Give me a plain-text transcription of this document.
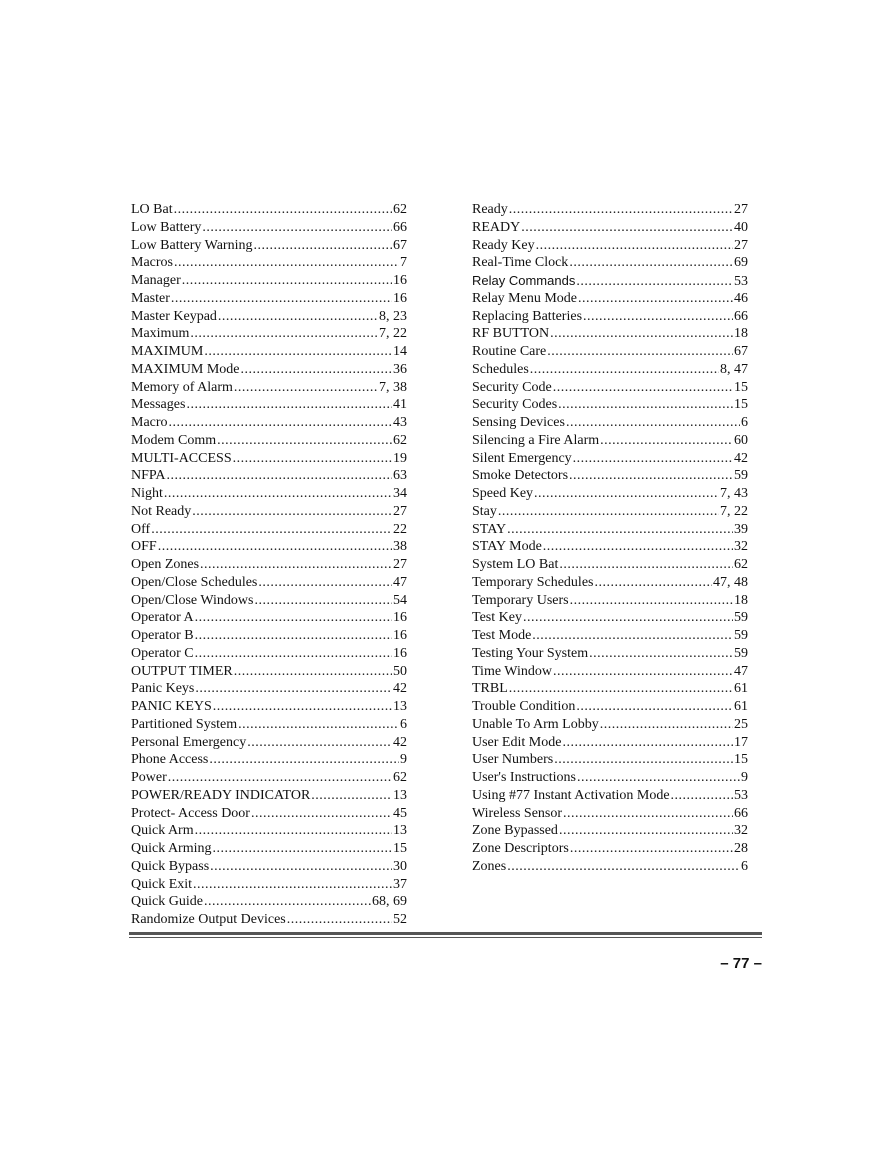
LO Bat .....	62
Low Battery .....	66
Low Battery Warning .....	67
Macros .....	7
Manager .....	16
Master .....	16
Master Keypad .....	8, 23
Maximum .....	7, 22
MAXIMUM .....	14
MAXIMUM Mode .....	36
Memory of Alarm .....	7, 38
Messages .....	41
Macro .....	43
Modem Comm .....	62
MULTI-ACCESS .....	19
NFPA .....	63
Night .....	34
Not Ready .....	27
Off .....	22
OFF .....	38
Open Zones .....	27
Open/Close Schedules .....	47
Open/Close Windows .....	54
Operator A .....	16
Operator B .....	16
Operator C .....	16
OUTPUT TIMER .....	50
Panic Keys .....	42
PANIC KEYS .....	13
Partitioned System .....	6
Personal Emergency .....	42
Phone Access .....	9
Power .....	62
POWER/READY INDICATOR .....	13
Protect- Access Door .....	45
Quick Arm .....	13
Quick Arming .....	15
Quick Bypass .....	30
Quick Exit .....	37
Quick Guide .....	68, 69
Randomize Output Devices .....	52
Ready .....	27
READY .....	40
Ready Key .....	27
Real-Time Clock .....	69
Relay Commands .....	53
Relay Menu Mode .....	46
Replacing Batteries .....	66
RF BUTTON .....	18
Routine Care .....	67
Schedules .....	8, 47
Security Code .....	15
Security Codes .....	15
Sensing Devices .....	6
Silencing a Fire Alarm .....	60
Silent Emergency .....	42
Smoke Detectors .....	59
Speed Key .....	7, 43
Stay .....	7, 22
STAY .....	39
STAY Mode .....	32
System LO Bat .....	62
Temporary Schedules .....	47, 48
Temporary Users .....	18
Test Key .....	59
Test Mode .....	59
Testing Your System .....	59
Time Window .....	47
TRBL .....	61
Trouble Condition .....	61
Unable To Arm Lobby .....	25
User Edit Mode .....	17
User Numbers .....	15
User's Instructions .....	9
Using #77 Instant Activation Mode .....	53
Wireless Sensor .....	66
Zone Bypassed .....	32
Zone Descriptors .....	28
Zones .....	6
– 77 –
